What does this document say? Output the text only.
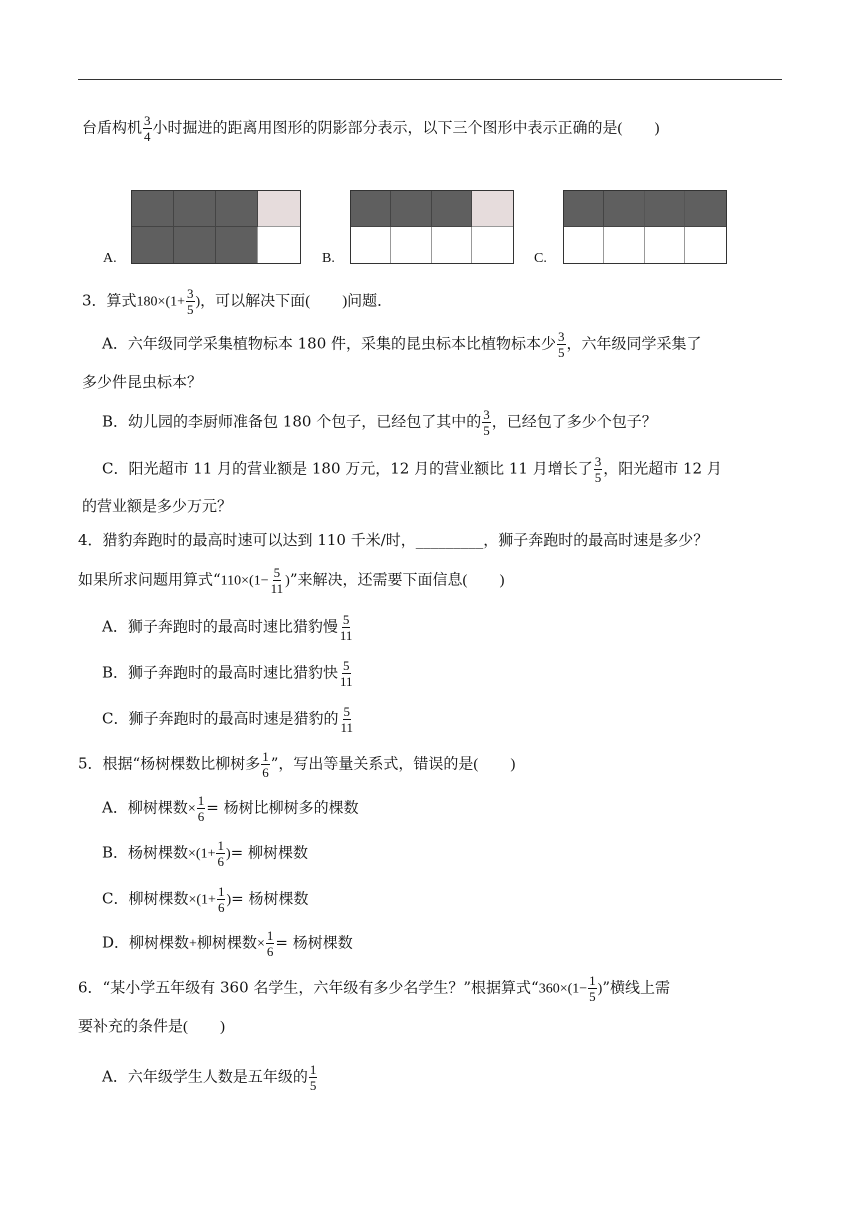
台盾构机 $\frac{3}{4}$ 小时掘进的距离用图形的阴影部分表示，以下三个图形中表示正确的是( )
A.	B.	C.
3．算式$180\times(1+ \frac{3}{5}$ )，可以解决下面( )问题．
A．六年级同学采集植物标本 180 件，采集的昆虫标本比植物标本少 $\frac{3}{5}$ ，六年级同学采集了
多少件昆虫标本？
B．幼儿园的李厨师准备包 180 个包子，已经包了其中的 $\frac{3}{5}$ ，已经包了多少个包子？
C．阳光超市 11 月的营业额是 180 万元，12 月的营业额比 11 月增长了 $\frac{3}{5}$ ，阳光超市 12 月
的营业额是多少万元？
4．猎豹奔跑时的最高时速可以达到 110 千米/时，_________，狮子奔跑时的最高时速是多少？
如果所求问题用算式“$110\times(1- \frac{5}{11}$ )”来解决，还需要下面信息( )
A．狮子奔跑时的最高时速比猎豹慢 $\frac{5}{11}$
B．狮子奔跑时的最高时速比猎豹快 $\frac{5}{11}$
C．狮子奔跑时的最高时速是猎豹的 $\frac{5}{11}$
5．根据“杨树棵数比柳树多 $\frac{1}{6}$ ”，写出等量关系式，错误的是( )
A．柳树棵数× $\frac{1}{6}$ = 杨树比柳树多的棵数
B．杨树棵数$\times(1+ \frac{1}{6}$ )= 柳树棵数
C．柳树棵数$\times(1+ \frac{1}{6}$ )= 杨树棵数
D．柳树棵数+柳树棵数× $\frac{1}{6}$ = 杨树棵数
6．“某小学五年级有 360 名学生，六年级有多少名学生？”根据算式“$360\times(1- \frac{1}{5}$ )”横线上需
要补充的条件是( )
A．六年级学生人数是五年级的 $\frac{1}{5}$
